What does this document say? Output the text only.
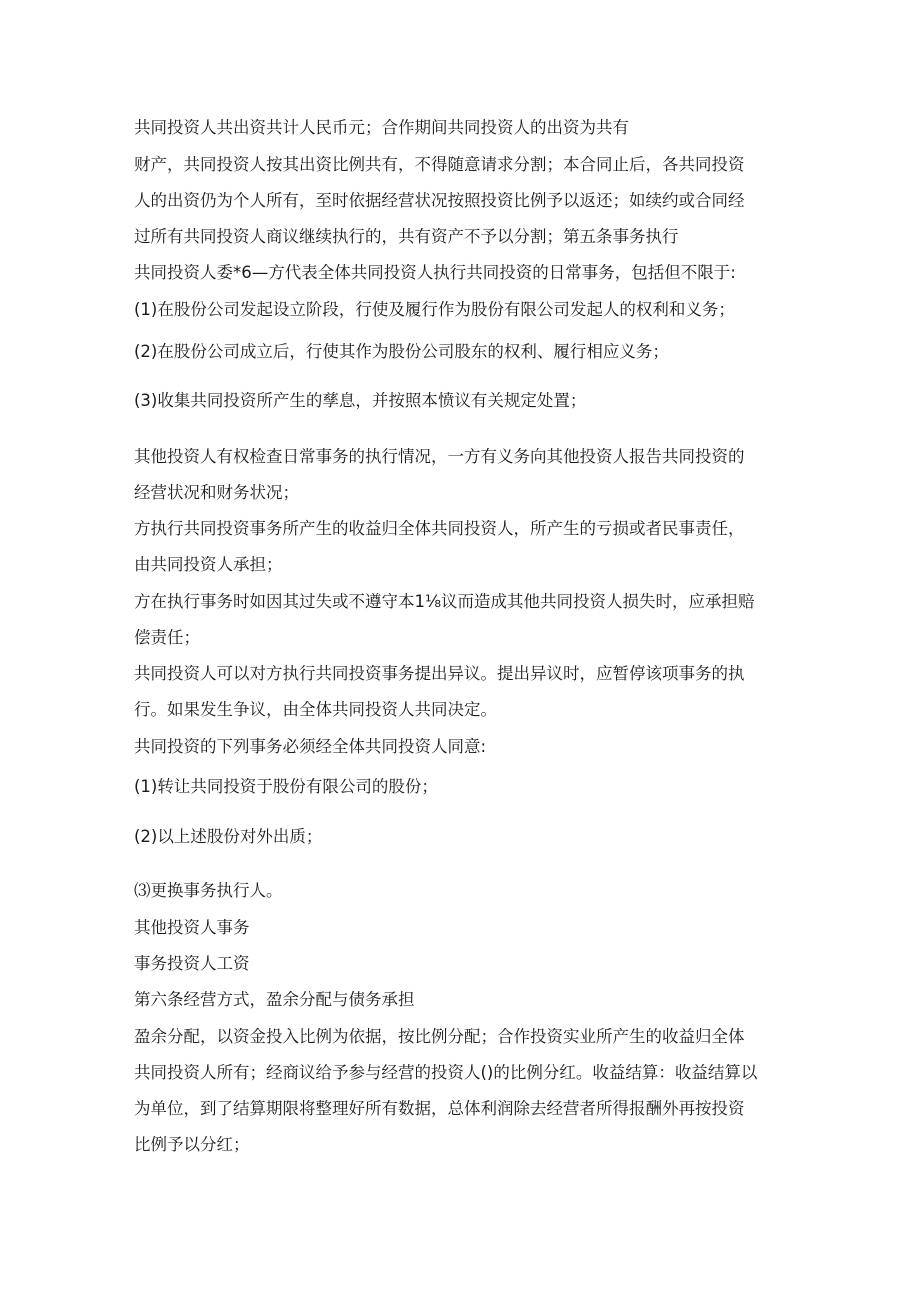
共同投资人共出资共计人民币元；合作期间共同投资人的出资为共有

财产，共同投资人按其出资比例共有，不得随意请求分割；本合同止后，各共同投资

人的出资仍为个人所有，至时依据经营状况按照投资比例予以返还；如续约或合同经

过所有共同投资人商议继续执行的，共有资产不予以分割；第五条事务执行

共同投资人委*6—方代表全体共同投资人执行共同投资的日常事务，包括但不限于:

(1)在股份公司发起设立阶段，行使及履行作为股份有限公司发起人的权利和义务；

(2)在股份公司成立后，行使其作为股份公司股东的权利、履行相应义务；

(3)收集共同投资所产生的孳息，并按照本愤议有关规定处置；

其他投资人有权检查日常事务的执行情况，一方有义务向其他投资人报告共同投资的

经营状况和财务状况；

方执行共同投资事务所产生的收益归全体共同投资人，所产生的亏损或者民事责任，

由共同投资人承担；

方在执行事务时如因其过失或不遵守本1⅛议而造成其他共同投资人损失时，应承担赔

偿责任；

共同投资人可以对方执行共同投资事务提出异议。提出异议时，应暂停该项事务的执

行。如果发生争议，由全体共同投资人共同决定。

共同投资的下列事务必须经全体共同投资人同意:

(1)转让共同投资于股份有限公司的股份；

(2)以上述股份对外出质；

⑶更换事务执行人。

其他投资人事务

事务投资人工资

第六条经营方式，盈余分配与债务承担

盈余分配，以资金投入比例为依据，按比例分配；合作投资实业所产生的收益归全体

共同投资人所有；经商议给予参与经营的投资人()的比例分红。收益结算：收益结算以

为单位，到了结算期限将整理好所有数据，总体利润除去经营者所得报酬外再按投资

比例予以分红；
